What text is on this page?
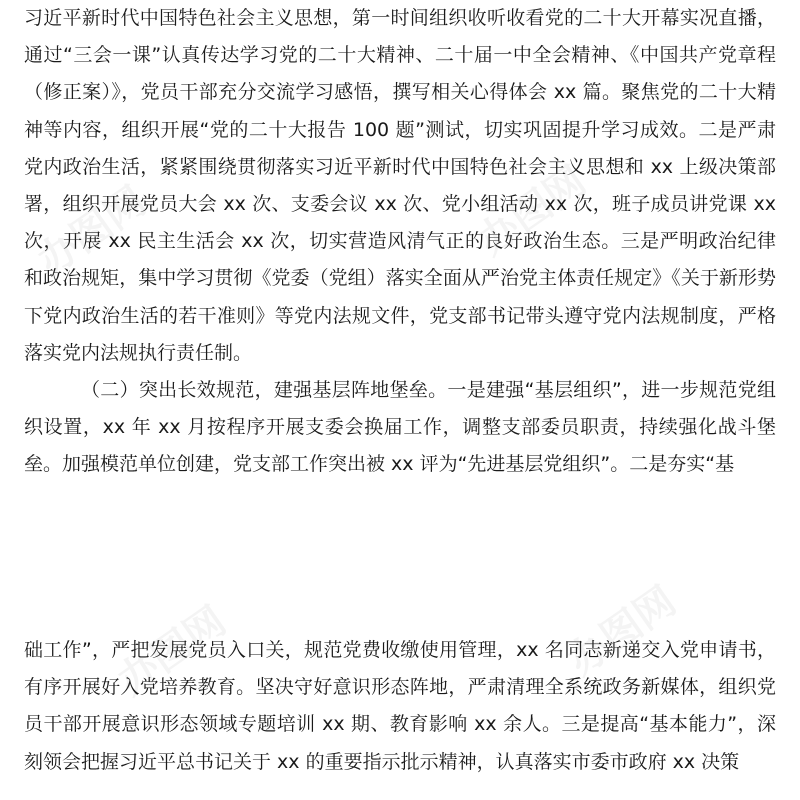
习近平新时代中国特色社会主义思想，第一时间组织收听收看党的二十大开幕实况直播，通过“三会一课”认真传达学习党的二十大精神、二十届一中全会精神、《中国共产党章程（修正案）》，党员干部充分交流学习感悟，撰写相关心得体会 xx 篇。聚焦党的二十大精神等内容，组织开展“党的二十大报告 100 题”测试，切实巩固提升学习成效。二是严肃党内政治生活，紧紧围绕贯彻落实习近平新时代中国特色社会主义思想和 xx 上级决策部署，组织开展党员大会 xx 次、支委会议 xx 次、党小组活动 xx 次，班子成员讲党课 xx 次，开展 xx 民主生活会 xx 次，切实营造风清气正的良好政治生态。三是严明政治纪律和政治规矩，集中学习贯彻《党委（党组）落实全面从严治党主体责任规定》《关于新形势下党内政治生活的若干准则》等党内法规文件，党支部书记带头遵守党内法规制度，严格落实党内法规执行责任制。

（二）突出长效规范，建强基层阵地堡垒。一是建强“基层组织”，进一步规范党组织设置，xx 年 xx 月按程序开展支委会换届工作，调整支部委员职责，持续强化战斗堡垒。加强模范单位创建，党支部工作突出被 xx 评为“先进基层党组织”。二是夯实“基

础工作”，严把发展党员入口关，规范党费收缴使用管理，xx 名同志新递交入党申请书，有序开展好入党培养教育。坚决守好意识形态阵地，严肃清理全系统政务新媒体，组织党员干部开展意识形态领域专题培训 xx 期、教育影响 xx 余人。三是提高“基本能力”，深刻领会把握习近平总书记关于 xx 的重要指示批示精神，认真落实市委市政府 xx 决策

办图网	办图网
办图网	办图网
